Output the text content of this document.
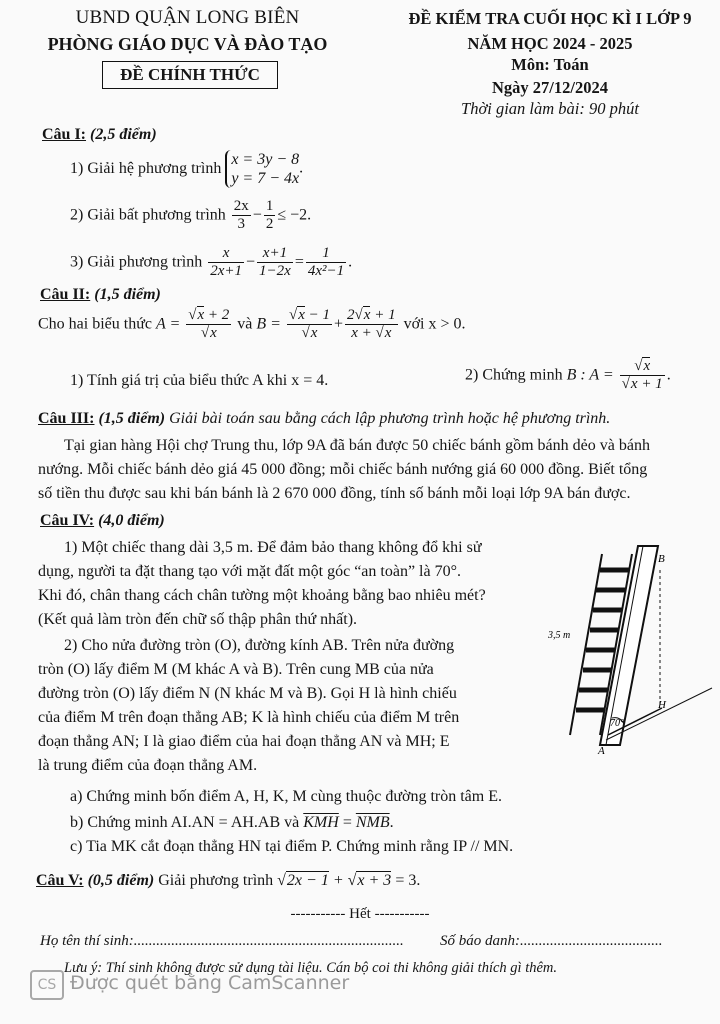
UBND QUẬN LONG BIÊN
PHÒNG GIÁO DỤC VÀ ĐÀO TẠO
ĐỀ CHÍNH THỨC
ĐỀ KIỂM TRA CUỐI HỌC KÌ I LỚP 9
NĂM HỌC 2024 - 2025
Môn: Toán
Ngày 27/12/2024
Thời gian làm bài: 90 phút
Câu I: (2,5 điểm)
1) Giải hệ phương trình
x = 3y − 8
y = 7 − 4x
.
2) Giải bất phương trình $\frac{2x}{3} - \frac{1}{2} \le -2$.
3) Giải phương trình $\frac{x}{2x+1} - \frac{x+1}{1-2x} = \frac{1}{\text{4x²−1}}$ .
Câu II: (1,5 điểm)
Cho hai biểu thức $A = \frac{√x + 2}{√x}$ và $B = \frac{√x - 1}{√x} + \frac{2√x + 1}{x + √x}$ với x > 0.
1) Tính giá trị của biểu thức A khi x = 4.	2) Chứng minh B : $A = \frac{√x}{√x + 1}$ .
Câu III: (1,5 điểm) Giải bài toán sau bằng cách lập phương trình hoặc hệ phương trình.
Tại gian hàng Hội chợ Trung thu, lớp 9A đã bán được 50 chiếc bánh gồm bánh dẻo và bánh
nướng. Mỗi chiếc bánh dẻo giá 45 000 đồng; mỗi chiếc bánh nướng giá 60 000 đồng. Biết tổng
số tiền thu được sau khi bán bánh là 2 670 000 đồng, tính số bánh mỗi loại lớp 9A bán được.
Câu IV: (4,0 điểm)
1) Một chiếc thang dài 3,5 m. Để đảm bảo thang không đổ khi sử
dụng, người ta đặt thang tạo với mặt đất một góc “an toàn” là 70°.
Khi đó, chân thang cách chân tường một khoảng bằng bao nhiêu mét?
(Kết quả làm tròn đến chữ số thập phân thứ nhất).
2) Cho nửa đường tròn (O), đường kính AB. Trên nửa đường
tròn (O) lấy điểm M (M khác A và B). Trên cung MB của nửa
đường tròn (O) lấy điểm N (N khác M và B). Gọi H là hình chiếu
của điểm M trên đoạn thẳng AB; K là hình chiếu của điểm M trên
đoạn thẳng AN; I là giao điểm của hai đoạn thẳng AN và MH; E
là trung điểm của đoạn thẳng AM.
3,5 m
70°
B
H
A
a) Chứng minh bốn điểm A, H, K, M cùng thuộc đường tròn tâm E.
b) Chứng minh AI.AN = AH.AB và $\overline{KMH} = \overline{NMB}$.
c) Tia MK cắt đoạn thẳng HN tại điểm P. Chứng minh rằng IP // MN.
Câu V: (0,5 điểm) Giải phương trình √2x − 1 + √x + 3 = 3.
----------- Hết -----------
Họ tên thí sinh:........................................................................ Số báo danh:......................................
Lưu ý: Thí sinh không được sử dụng tài liệu. Cán bộ coi thi không giải thích gì thêm.
CS Được quét bằng CamScanner
